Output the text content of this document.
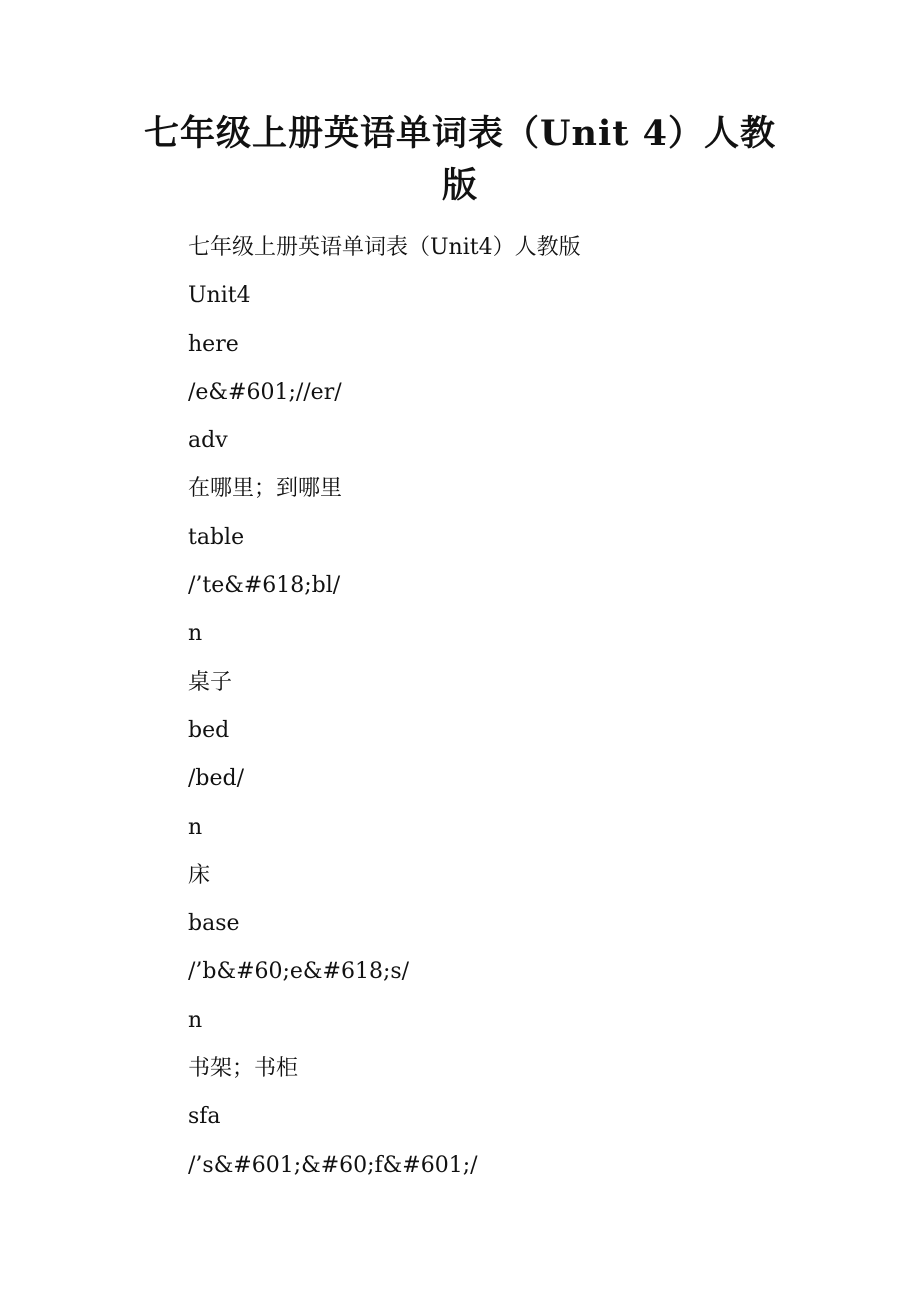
七年级上册英语单词表（Unit 4）人教版
七年级上册英语单词表（Unit4）人教版
Unit4
here
/e&#601;//er/
adv
在哪里；到哪里
table
/’te&#618;bl/
n
桌子
bed
/bed/
n
床
base
/’b&#60;e&#618;s/
n
书架；书柜
sfa
/’s&#601;&#60;f&#601;/
